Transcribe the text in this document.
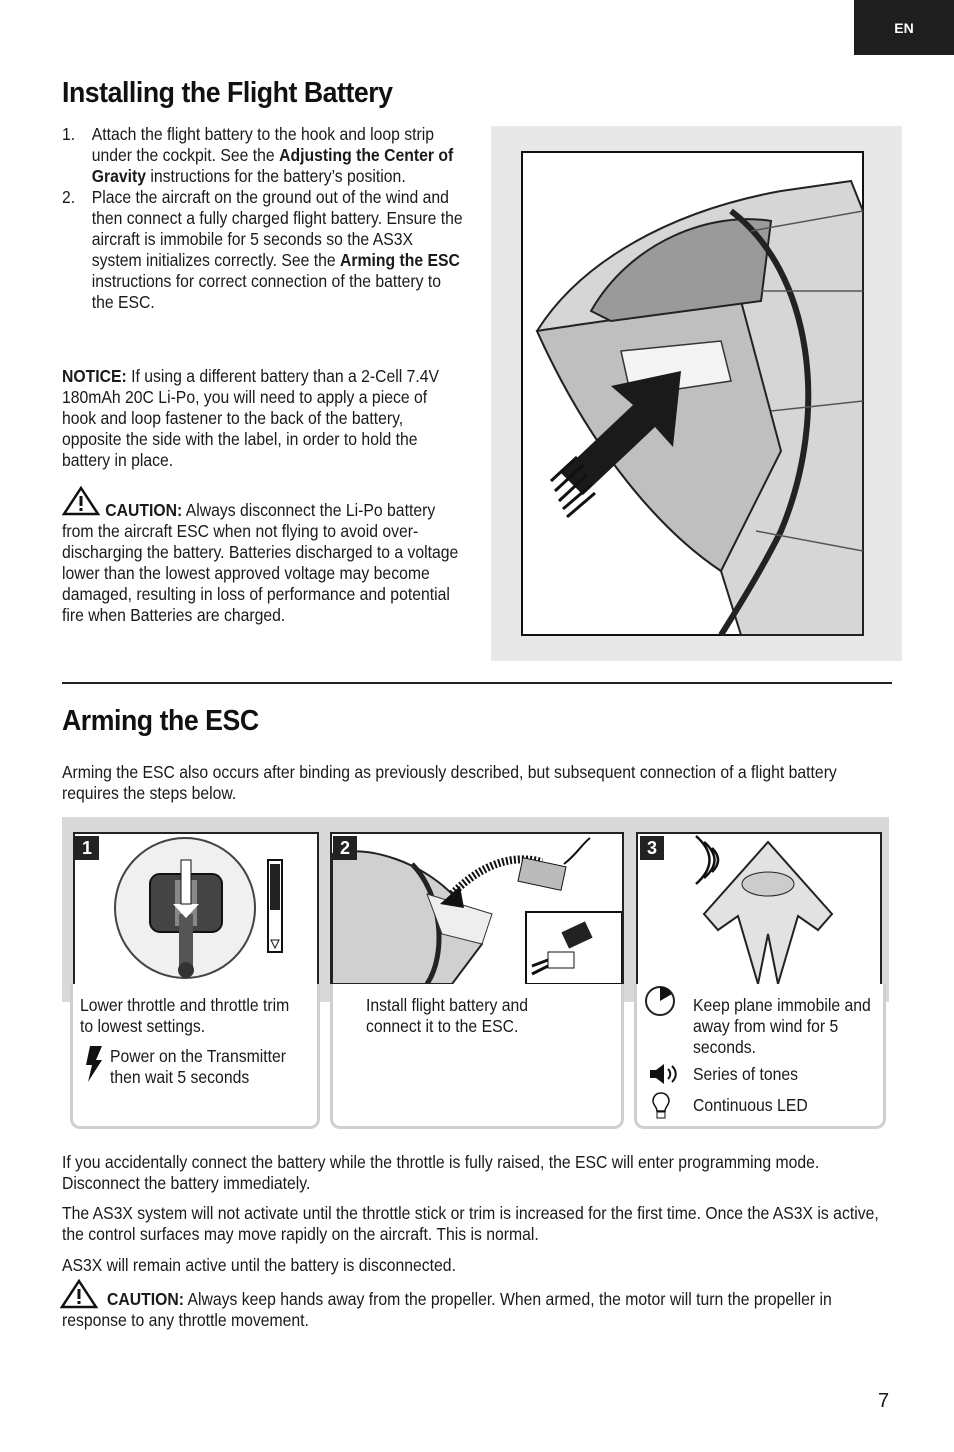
EN
Installing the Flight Battery
1. Attach the flight battery to the hook and loop strip under the cockpit. See the Adjusting the Center of Gravity instructions for the battery’s position.
2. Place the aircraft on the ground out of the wind and then connect a fully charged flight battery. Ensure the aircraft is immobile for 5 seconds so the AS3X system initializes correctly. See the Arming the ESC instructions for correct connection of the battery to the ESC.
NOTICE: If using a different battery than a 2-Cell 7.4V 180mAh 20C Li-Po, you will need to apply a piece of hook and loop fastener to the back of the battery, opposite the side with the label, in order to hold the battery in place.
CAUTION: Always disconnect the Li-Po battery from the aircraft ESC when not flying to avoid over-discharging the battery. Batteries discharged to a voltage lower than the lowest approved voltage may become damaged, resulting in loss of performance and potential fire when Batteries are charged.
Arming the ESC
Arming the ESC also occurs after binding as previously described, but subsequent connection of a flight battery requires the steps below.
1
Lower throttle and throttle trim to lowest settings.
Power on the Transmitter then wait 5 seconds
2
Install flight battery and connect it to the ESC.
3
Keep plane immobile and away from wind for 5 seconds.
Series of tones
Continuous LED
If you accidentally connect the battery while the throttle is fully raised, the ESC will enter programming mode. Disconnect the battery immediately.
The AS3X system will not activate until the throttle stick or trim is increased for the first time. Once the AS3X is active, the control surfaces may move rapidly on the aircraft. This is normal.
AS3X will remain active until the battery is disconnected.
CAUTION: Always keep hands away from the propeller. When armed, the motor will turn the propeller in response to any throttle movement.
7
